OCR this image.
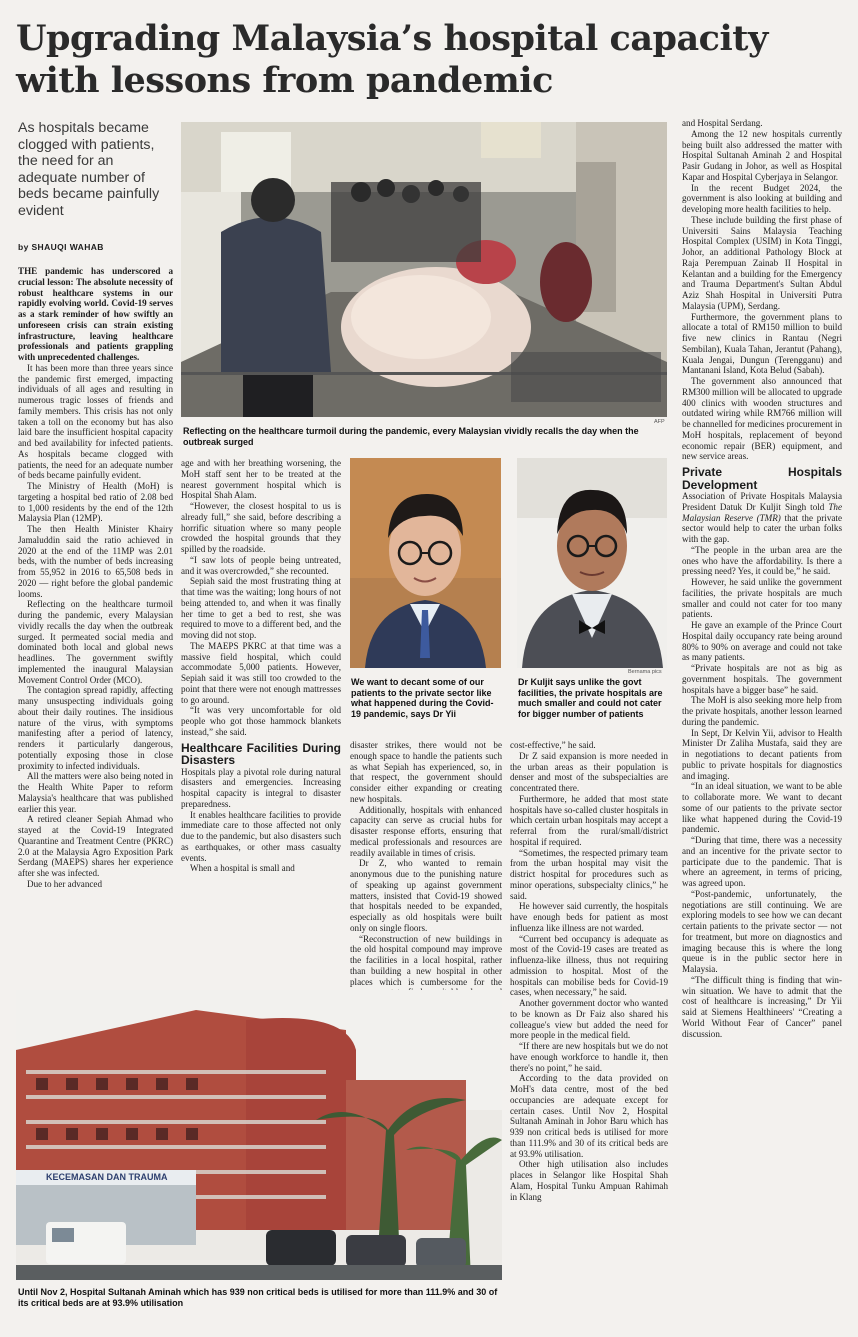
Upgrading Malaysia’s hospital capacity with lessons from pandemic

As hospitals became clogged with patients, the need for an adequate number of beds became painfully evident

by SHAUQI WAHAB

AFP

Reflecting on the healthcare turmoil during the pandemic, every Malaysian vividly recalls the day when the outbreak surged

THE pandemic has underscored a crucial lesson: The absolute necessity of robust healthcare systems in our rapidly evolving world. Covid-19 serves as a stark reminder of how swiftly an unforeseen crisis can strain existing infrastructure, leaving healthcare professionals and patients grappling with unprecedented challenges.

It has been more than three years since the pandemic first emerged, impacting individuals of all ages and resulting in numerous tragic losses of friends and family members. This crisis has not only taken a toll on the economy but has also laid bare the insufficient hospital capacity and bed availability for infected patients. As hospitals became clogged with patients, the need for an adequate number of beds became painfully evident.

The Ministry of Health (MoH) is targeting a hospital bed ratio of 2.08 bed to 1,000 residents by the end of the 12th Malaysia Plan (12MP).

The then Health Minister Khairy Jamaluddin said the ratio achieved in 2020 at the end of the 11MP was 2.01 beds, with the number of beds increasing from 55,952 in 2016 to 65,508 beds in 2020 — right before the global pandemic looms.

Reflecting on the healthcare turmoil during the pandemic, every Malaysian vividly recalls the day when the outbreak surged. It permeated social media and dominated both local and global news headlines. The government swiftly implemented the inaugural Malaysian Movement Control Order (MCO).

The contagion spread rapidly, affecting many unsuspecting individuals going about their daily routines. The insidious nature of the virus, with symptoms manifesting after a period of latency, renders it particularly dangerous, potentially exposing those in close proximity to infected individuals.

All the matters were also being noted in the Health White Paper to reform Malaysia's healthcare that was published earlier this year.

A retired cleaner Sepiah Ahmad who stayed at the Covid-19 Integrated Quarantine and Treatment Centre (PKRC) 2.0 at the Malaysia Agro Exposition Park Serdang (MAEPS) shares her experience after she was infected.

Due to her advanced

age and with her breathing worsening, the MoH staff sent her to be treated at the nearest government hospital which is Hospital Shah Alam.

“However, the closest hospital to us is already full,” she said, before describing a horrific situation where so many people crowded the hospital grounds that they spilled by the roadside.

“I saw lots of people being untreated, and it was overcrowded,” she recounted.

Sepiah said the most frustrating thing at that time was the waiting; long hours of not being attended to, and when it was finally her time to get a bed to rest, she was required to move to a different bed, and the moving did not stop.

The MAEPS PKRC at that time was a massive field hospital, which could accommodate 5,000 patients. However, Sepiah said it was still too crowded to the point that there were not enough mattresses to go around.

“It was very uncomfortable for old people who got those hammock blankets instead,” she said.

Healthcare Facilities During Disasters

Hospitals play a pivotal role during natural disasters and emergencies. Increasing hospital capacity is integral to disaster preparedness.

It enables healthcare facilities to provide immediate care to those affected not only due to the pandemic, but also disasters such as earthquakes, or other mass casualty events.

When a hospital is small and

We want to decant some of our patients to the private sector like what happened during the Covid-19 pandemic, says Dr Yii

Bernama pics

Dr Kuljit says unlike the govt facilities, the private hospitals are much smaller and could not cater for bigger number of patients

disaster strikes, there would not be enough space to handle the patients such as what Sepiah has experienced, so, in that respect, the government should consider either expanding or creating new hospitals.

Additionally, hospitals with enhanced capacity can serve as crucial hubs for disaster response efforts, ensuring that medical professionals and resources are readily available in times of crisis.

Dr Z, who wanted to remain anonymous due to the punishing nature of speaking up against government matters, insisted that Covid-19 showed that hospitals needed to be expanded, especially as old hospitals were built only on single floors.

“Reconstruction of new buildings in the old hospital compound may improve the facilities in a local hospital, rather than building a new hospital in other places which is cumbersome for the

cost-effective,” he said.

Dr Z said expansion is more needed in the urban areas as their population is denser and most of the subspecialties are concentrated there.

Furthermore, he added that most state hospitals have so-called cluster hospitals in which certain urban hospitals may accept a referral from the rural/small/district hospital if required.

“Sometimes, the respected primary team from the urban hospital may visit the district hospital for procedures such as minor operations, subspecialty clinics,” he said.

He however said currently, the hospitals have enough beds for patient as most influenza like illness are not warded.

“Current bed occupancy is adequate as most of the Covid-19 cases are treated as influenza-like illness, thus not requiring admission to hospital. Most of the hospitals can mobilise beds for Covid-19 cases, when necessary,” he said.

Another government doctor who wanted to be known as Dr Faiz also shared his colleague's view but added the need for more people in the medical field.

“If there are new hospitals but we do not have enough workforce to handle it, then there's no point,” he said.

According to the data provided on MoH's data centre, most of the bed occupancies are adequate except for certain cases. Until Nov 2, Hospital Sultanah Aminah in Johor Baru which has 939 non critical beds is utilised for more than 111.9% and 30 of its critical beds are at 93.9% utilisation.

Other high utilisation also includes places in Selangor like Hospital Shah Alam, Hospital Tunku Ampuan Rahimah in Klang

and Hospital Serdang.

Among the 12 new hospitals currently being built also addressed the matter with Hospital Sultanah Aminah 2 and Hospital Pasir Gudang in Johor, as well as Hospital Kapar and Hospital Cyberjaya in Selangor.

In the recent Budget 2024, the government is also looking at building and developing more health facilities to help.

These include building the first phase of Universiti Sains Malaysia Teaching Hospital Complex (USIM) in Kota Tinggi, Johor, an additional Pathology Block at Raja Perempuan Zainab II Hospital in Kelantan and a building for the Emergency and Trauma Department's Sultan Abdul Aziz Shah Hospital in Universiti Putra Malaysia (UPM), Serdang.

Furthermore, the government plans to allocate a total of RM150 million to build five new clinics in Rantau (Negri Sembilan), Kuala Tahan, Jerantut (Pahang), Kuala Jengai, Dungun (Terengganu) and Mantanani Island, Kota Belud (Sabah).

The government also announced that RM300 million will be allocated to upgrade 400 clinics with wooden structures and outdated wiring while RM766 million will be channelled for medicines procurement in MoH hospitals, replacement of beyond economic repair (BER) equipment, and new service areas.

Private Hospitals Development

Association of Private Hospitals Malaysia President Datuk Dr Kuljit Singh told The Malaysian Reserve (TMR) that the private sector would help to cater the urban folks with the gap.

“The people in the urban area are the ones who have the affordability. Is there a pressing need? Yes, it could be,” he said.

However, he said unlike the government facilities, the private hospitals are much smaller and could not cater for too many patients.

He gave an example of the Prince Court Hospital daily occupancy rate being around 80% to 90% on average and could not take as many patients.

“Private hospitals are not as big as government hospitals. The government hospitals have a bigger base” he said.

The MoH is also seeking more help from the private hospitals, another lesson learned during the pandemic.

In Sept, Dr Kelvin Yii, advisor to Health Minister Dr Zaliha Mustafa, said they are in negotiations to decant patients from public to private hospitals for diagnostics and imaging.

“In an ideal situation, we want to be able to collaborate more. We want to decant some of our patients to the private sector like what happened during the Covid-19 pandemic.

“During that time, there was a necessity and an incentive for the private sector to participate due to the pandemic. That is where an agreement, in terms of pricing, was agreed upon.

“Post-pandemic, unfortunately, the negotiations are still continuing. We are exploring models to see how we can decant certain patients to the private sector — not for treatment, but more on diagnostics and imaging because this is where the long queue is in the public sector here in Malaysia.

“The difficult thing is finding that win-win situation. We have to admit that the cost of healthcare is increasing,” Dr Yii said at Siemens Healthineers' “Creating a World Without Fear of Cancer” panel discussion.

KECEMASAN DAN TRAUMA

Until Nov 2, Hospital Sultanah Aminah which has 939 non critical beds is utilised for more than 111.9% and 30 of its critical beds are at 93.9% utilisation
